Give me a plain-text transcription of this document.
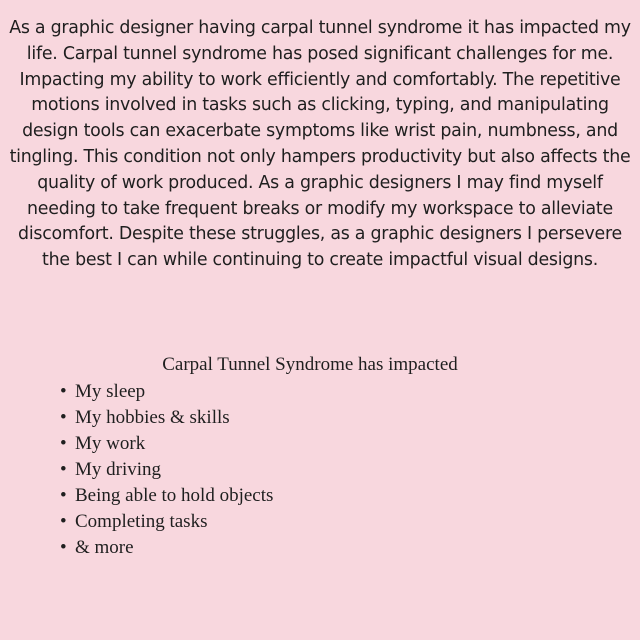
As a graphic designer having carpal tunnel syndrome it has impacted my life. Carpal tunnel syndrome has posed significant challenges for me. Impacting my ability to work efficiently and comfortably. The repetitive motions involved in tasks such as clicking, typing, and manipulating design tools can exacerbate symptoms like wrist pain, numbness, and tingling. This condition not only hampers productivity but also affects the quality of work produced. As a graphic designers I may find myself needing to take frequent breaks or modify my workspace to alleviate discomfort. Despite these struggles, as a graphic designers I persevere the best I can while continuing to create impactful visual designs.

Carpal Tunnel Syndrome has impacted

• My sleep
• My hobbies & skills
• My work
• My driving
• Being able to hold objects
• Completing tasks
• & more
